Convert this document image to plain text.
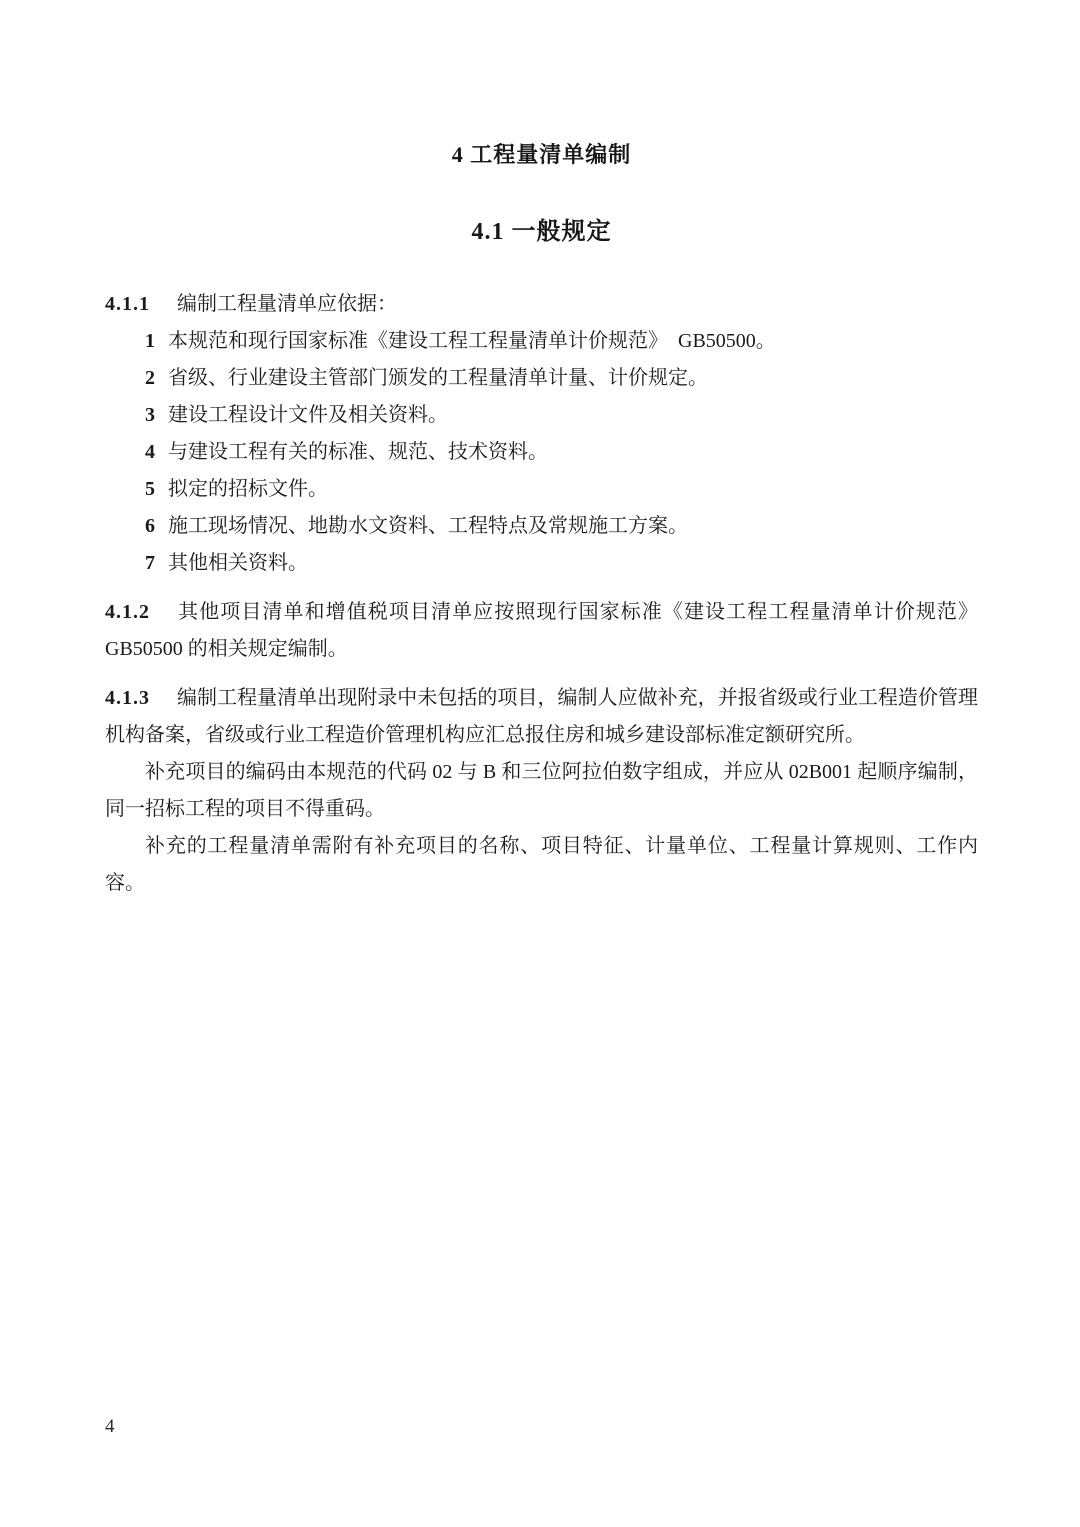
4 工程量清单编制
4.1 一般规定

4.1.1 编制工程量清单应依据：

1 本规范和现行国家标准《建设工程工程量清单计价规范》　GB50500。
2 省级、行业建设主管部门颁发的工程量清单计量、计价规定。
3 建设工程设计文件及相关资料。
4 与建设工程有关的标准、规范、技术资料。
5 拟定的招标文件。
6 施工现场情况、地勘水文资料、工程特点及常规施工方案。
7 其他相关资料。

4.1.2 其他项目清单和增值税项目清单应按照现行国家标准《建设工程工程量清单计价规范》GB50500 的相关规定编制。

4.1.3 编制工程量清单出现附录中未包括的项目，编制人应做补充，并报省级或行业工程造价管理机构备案，省级或行业工程造价管理机构应汇总报住房和城乡建设部标准定额研究所。

补充项目的编码由本规范的代码 02 与 B 和三位阿拉伯数字组成，并应从 02B001 起顺序编制，同一招标工程的项目不得重码。

补充的工程量清单需附有补充项目的名称、项目特征、计量单位、工程量计算规则、工作内容。

4
